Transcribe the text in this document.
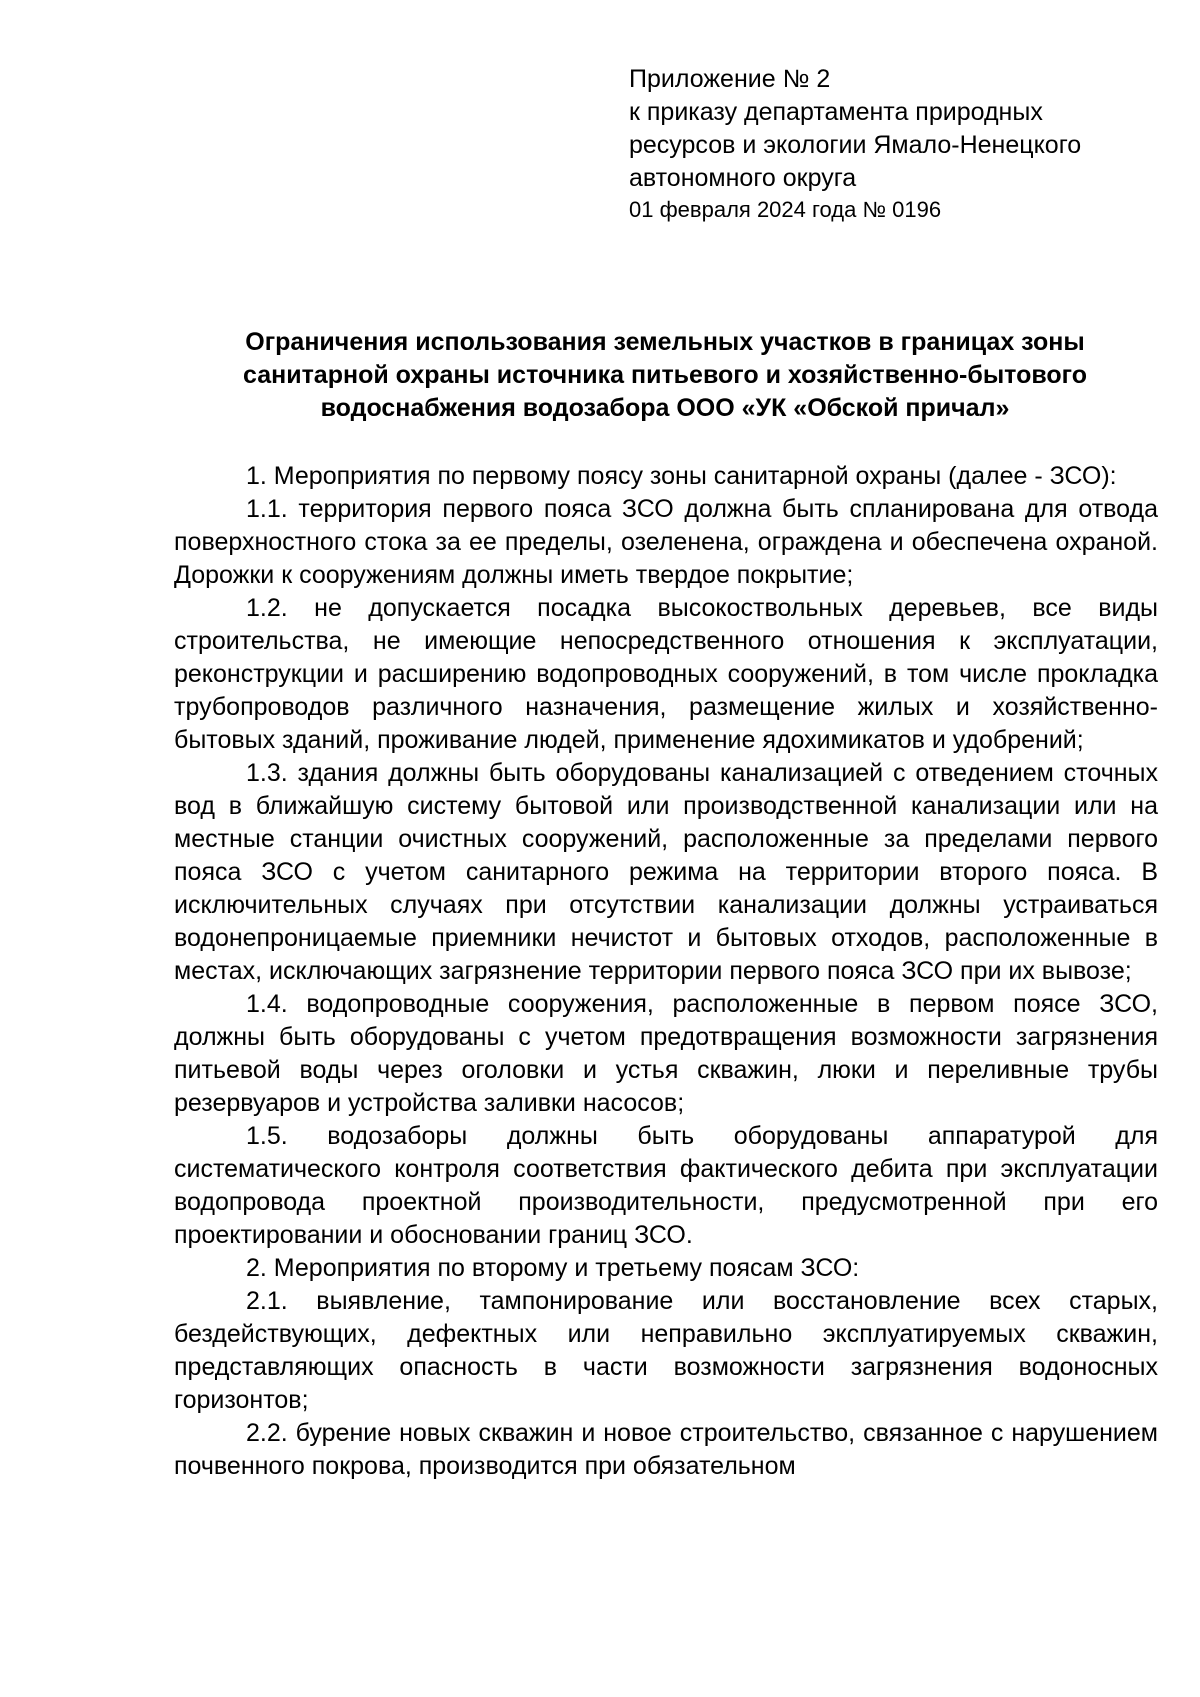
Приложение № 2
к приказу департамента природных
ресурсов и экологии Ямало-Ненецкого
автономного округа
01 февраля 2024 года № 0196
Ограничения использования земельных участков в границах зоны
санитарной охраны источника питьевого и хозяйственно-бытового
водоснабжения водозабора ООО «УК «Обской причал»

1. Мероприятия по первому поясу зоны санитарной охраны (далее - ЗСО):

1.1. территория первого пояса ЗСО должна быть спланирована для отвода поверхностного стока за ее пределы, озеленена, ограждена и обеспечена охраной. Дорожки к сооружениям должны иметь твердое покрытие;

1.2. не допускается посадка высокоствольных деревьев, все виды строительства, не имеющие непосредственного отношения к эксплуатации, реконструкции и расширению водопроводных сооружений, в том числе прокладка трубопроводов различного назначения, размещение жилых и хозяйственно-бытовых зданий, проживание людей, применение ядохимикатов и удобрений;

1.3. здания должны быть оборудованы канализацией с отведением сточных вод в ближайшую систему бытовой или производственной канализации или на местные станции очистных сооружений, расположенные за пределами первого пояса ЗСО с учетом санитарного режима на территории второго пояса. В исключительных случаях при отсутствии канализации должны устраиваться водонепроницаемые приемники нечистот и бытовых отходов, расположенные в местах, исключающих загрязнение территории первого пояса ЗСО при их вывозе;

1.4. водопроводные сооружения, расположенные в первом поясе ЗСО, должны быть оборудованы с учетом предотвращения возможности загрязнения питьевой воды через оголовки и устья скважин, люки и переливные трубы резервуаров и устройства заливки насосов;

1.5. водозаборы должны быть оборудованы аппаратурой для систематического контроля соответствия фактического дебита при эксплуатации водопровода проектной производительности, предусмотренной при его проектировании и обосновании границ ЗСО.

2. Мероприятия по второму и третьему поясам ЗСО:

2.1. выявление, тампонирование или восстановление всех старых, бездействующих, дефектных или неправильно эксплуатируемых скважин, представляющих опасность в части возможности загрязнения водоносных горизонтов;

2.2. бурение новых скважин и новое строительство, связанное с нарушением почвенного покрова, производится при обязательном
